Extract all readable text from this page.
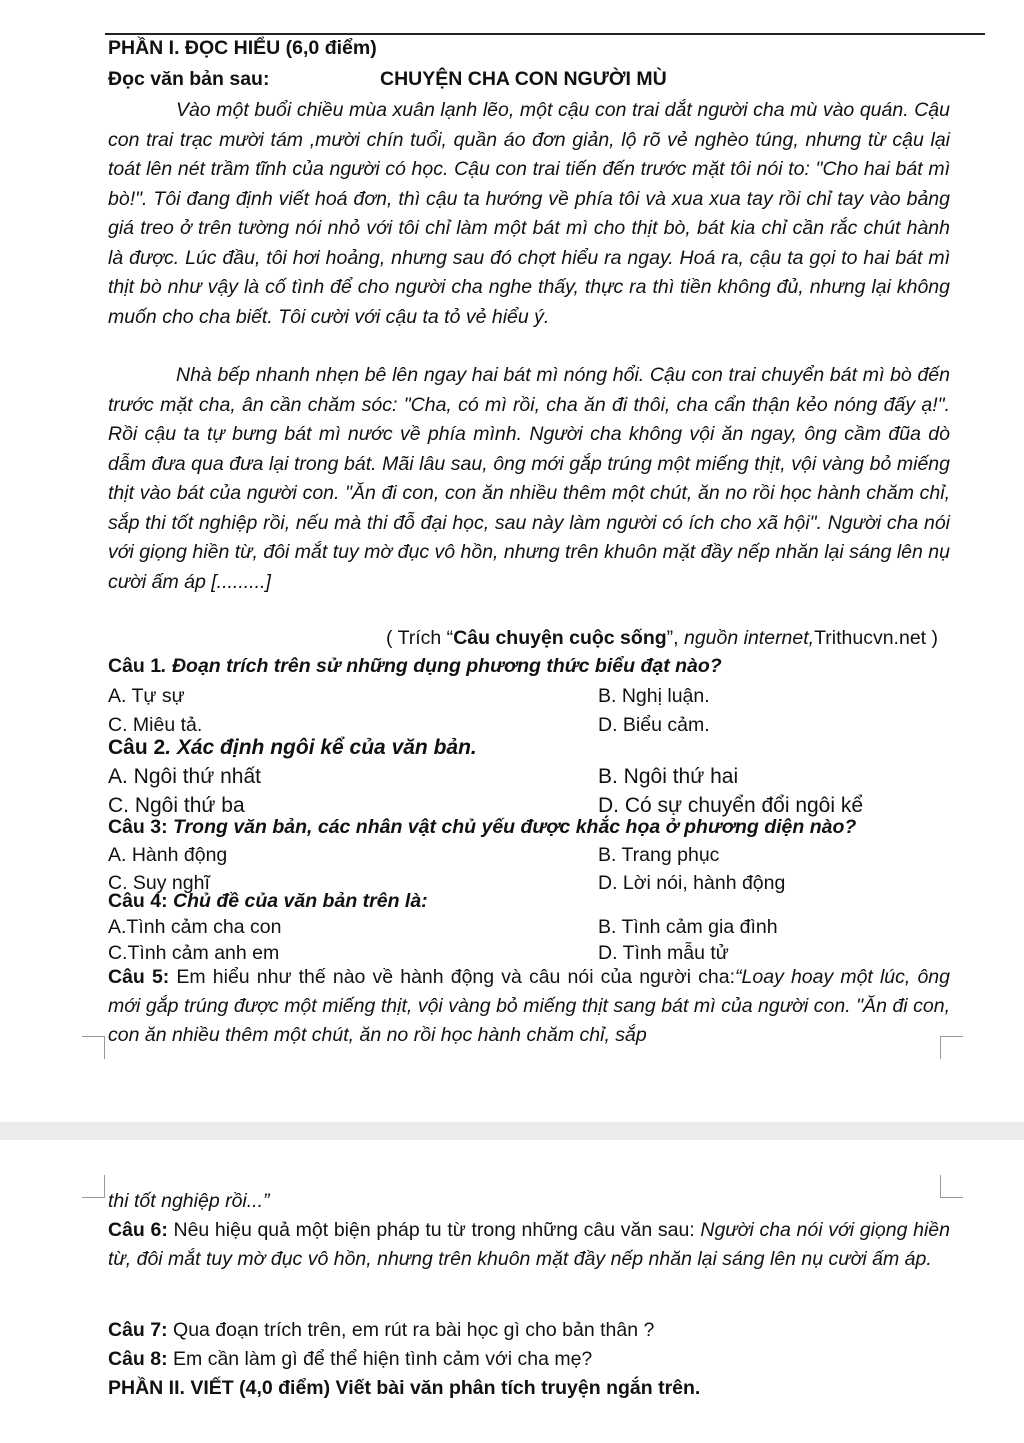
PHẦN I. ĐỌC HIỂU (6,0 điểm)
Đọc văn bản sau:	CHUYỆN CHA CON NGƯỜI MÙ
Vào một buổi chiều mùa xuân lạnh lẽo, một cậu con trai dắt người cha mù vào quán. Cậu con trai trạc mười tám ,mười chín tuổi, quần áo đơn giản, lộ rõ vẻ nghèo túng, nhưng từ cậu lại toát lên nét trầm tĩnh của người có học. Cậu con trai tiến đến trước mặt tôi nói to: "Cho hai bát mì bò!". Tôi đang định viết hoá đơn, thì cậu ta hướng về phía tôi và xua xua tay rồi chỉ tay vào bảng giá treo ở trên tường nói nhỏ với tôi chỉ làm một bát mì cho thịt bò, bát kia chỉ cần rắc chút hành là được. Lúc đầu, tôi hơi hoảng, nhưng sau đó chợt hiểu ra ngay. Hoá ra, cậu ta gọi to hai bát mì thịt bò như vậy là cố tình để cho người cha nghe thấy, thực ra thì tiền không đủ, nhưng lại không muốn cho cha biết. Tôi cười với cậu ta tỏ vẻ hiểu ý.
Nhà bếp nhanh nhẹn bê lên ngay hai bát mì nóng hổi. Cậu con trai chuyển bát mì bò đến trước mặt cha, ân cần chăm sóc: "Cha, có mì rồi, cha ăn đi thôi, cha cẩn thận kẻo nóng đấy ạ!". Rồi cậu ta tự bưng bát mì nước về phía mình. Người cha không vội ăn ngay, ông cầm đũa dò dẫm đưa qua đưa lại trong bát. Mãi lâu sau, ông mới gắp trúng một miếng thịt, vội vàng bỏ miếng thịt vào bát của người con. "Ăn đi con, con ăn nhiều thêm một chút, ăn no rồi học hành chăm chỉ, sắp thi tốt nghiệp rồi, nếu mà thi đỗ đại học, sau này làm người có ích cho xã hội". Người cha nói với giọng hiền từ, đôi mắt tuy mờ đục vô hồn, nhưng trên khuôn mặt đầy nếp nhăn lại sáng lên nụ cười ấm áp [.........]
( Trích “Câu chuyện cuộc sống”, nguồn internet,Trithucvn.net )
Câu 1. Đoạn trích trên sử những dụng phương thức biểu đạt nào?
A. Tự sự	B. Nghị luận.
C. Miêu tả.	D. Biểu cảm.
Câu 2. Xác định ngôi kể của văn bản.
A. Ngôi thứ nhất	B. Ngôi thứ hai
C. Ngôi thứ ba	D. Có sự chuyển đổi ngôi kể
Câu 3: Trong văn bản, các nhân vật chủ yếu được khắc họa ở phương diện nào?
A. Hành động	B. Trang phục
C. Suy nghĩ	D. Lời nói, hành động
Câu 4: Chủ đề của văn bản trên là:
A.Tình cảm cha con	B. Tình cảm gia đình
C.Tình cảm anh em	D. Tình mẫu tử
Câu 5: Em hiểu như thế nào về hành động và câu nói của người cha:“Loay hoay một lúc, ông mới gắp trúng được một miếng thịt, vội vàng bỏ miếng thịt sang bát mì của người con. "Ăn đi con, con ăn nhiều thêm một chút, ăn no rồi học hành chăm chỉ, sắp
thi tốt nghiệp rồi...”
Câu 6: Nêu hiệu quả một biện pháp tu từ trong những câu văn sau: Người cha nói với giọng hiền từ, đôi mắt tuy mờ đục vô hồn, nhưng trên khuôn mặt đầy nếp nhăn lại sáng lên nụ cười ấm áp.
Câu 7: Qua đoạn trích trên, em rút ra bài học gì cho bản thân ?
Câu 8: Em cần làm gì để thể hiện tình cảm với cha mẹ?
PHẦN II. VIẾT (4,0 điểm) Viết bài văn phân tích truyện ngắn trên.
